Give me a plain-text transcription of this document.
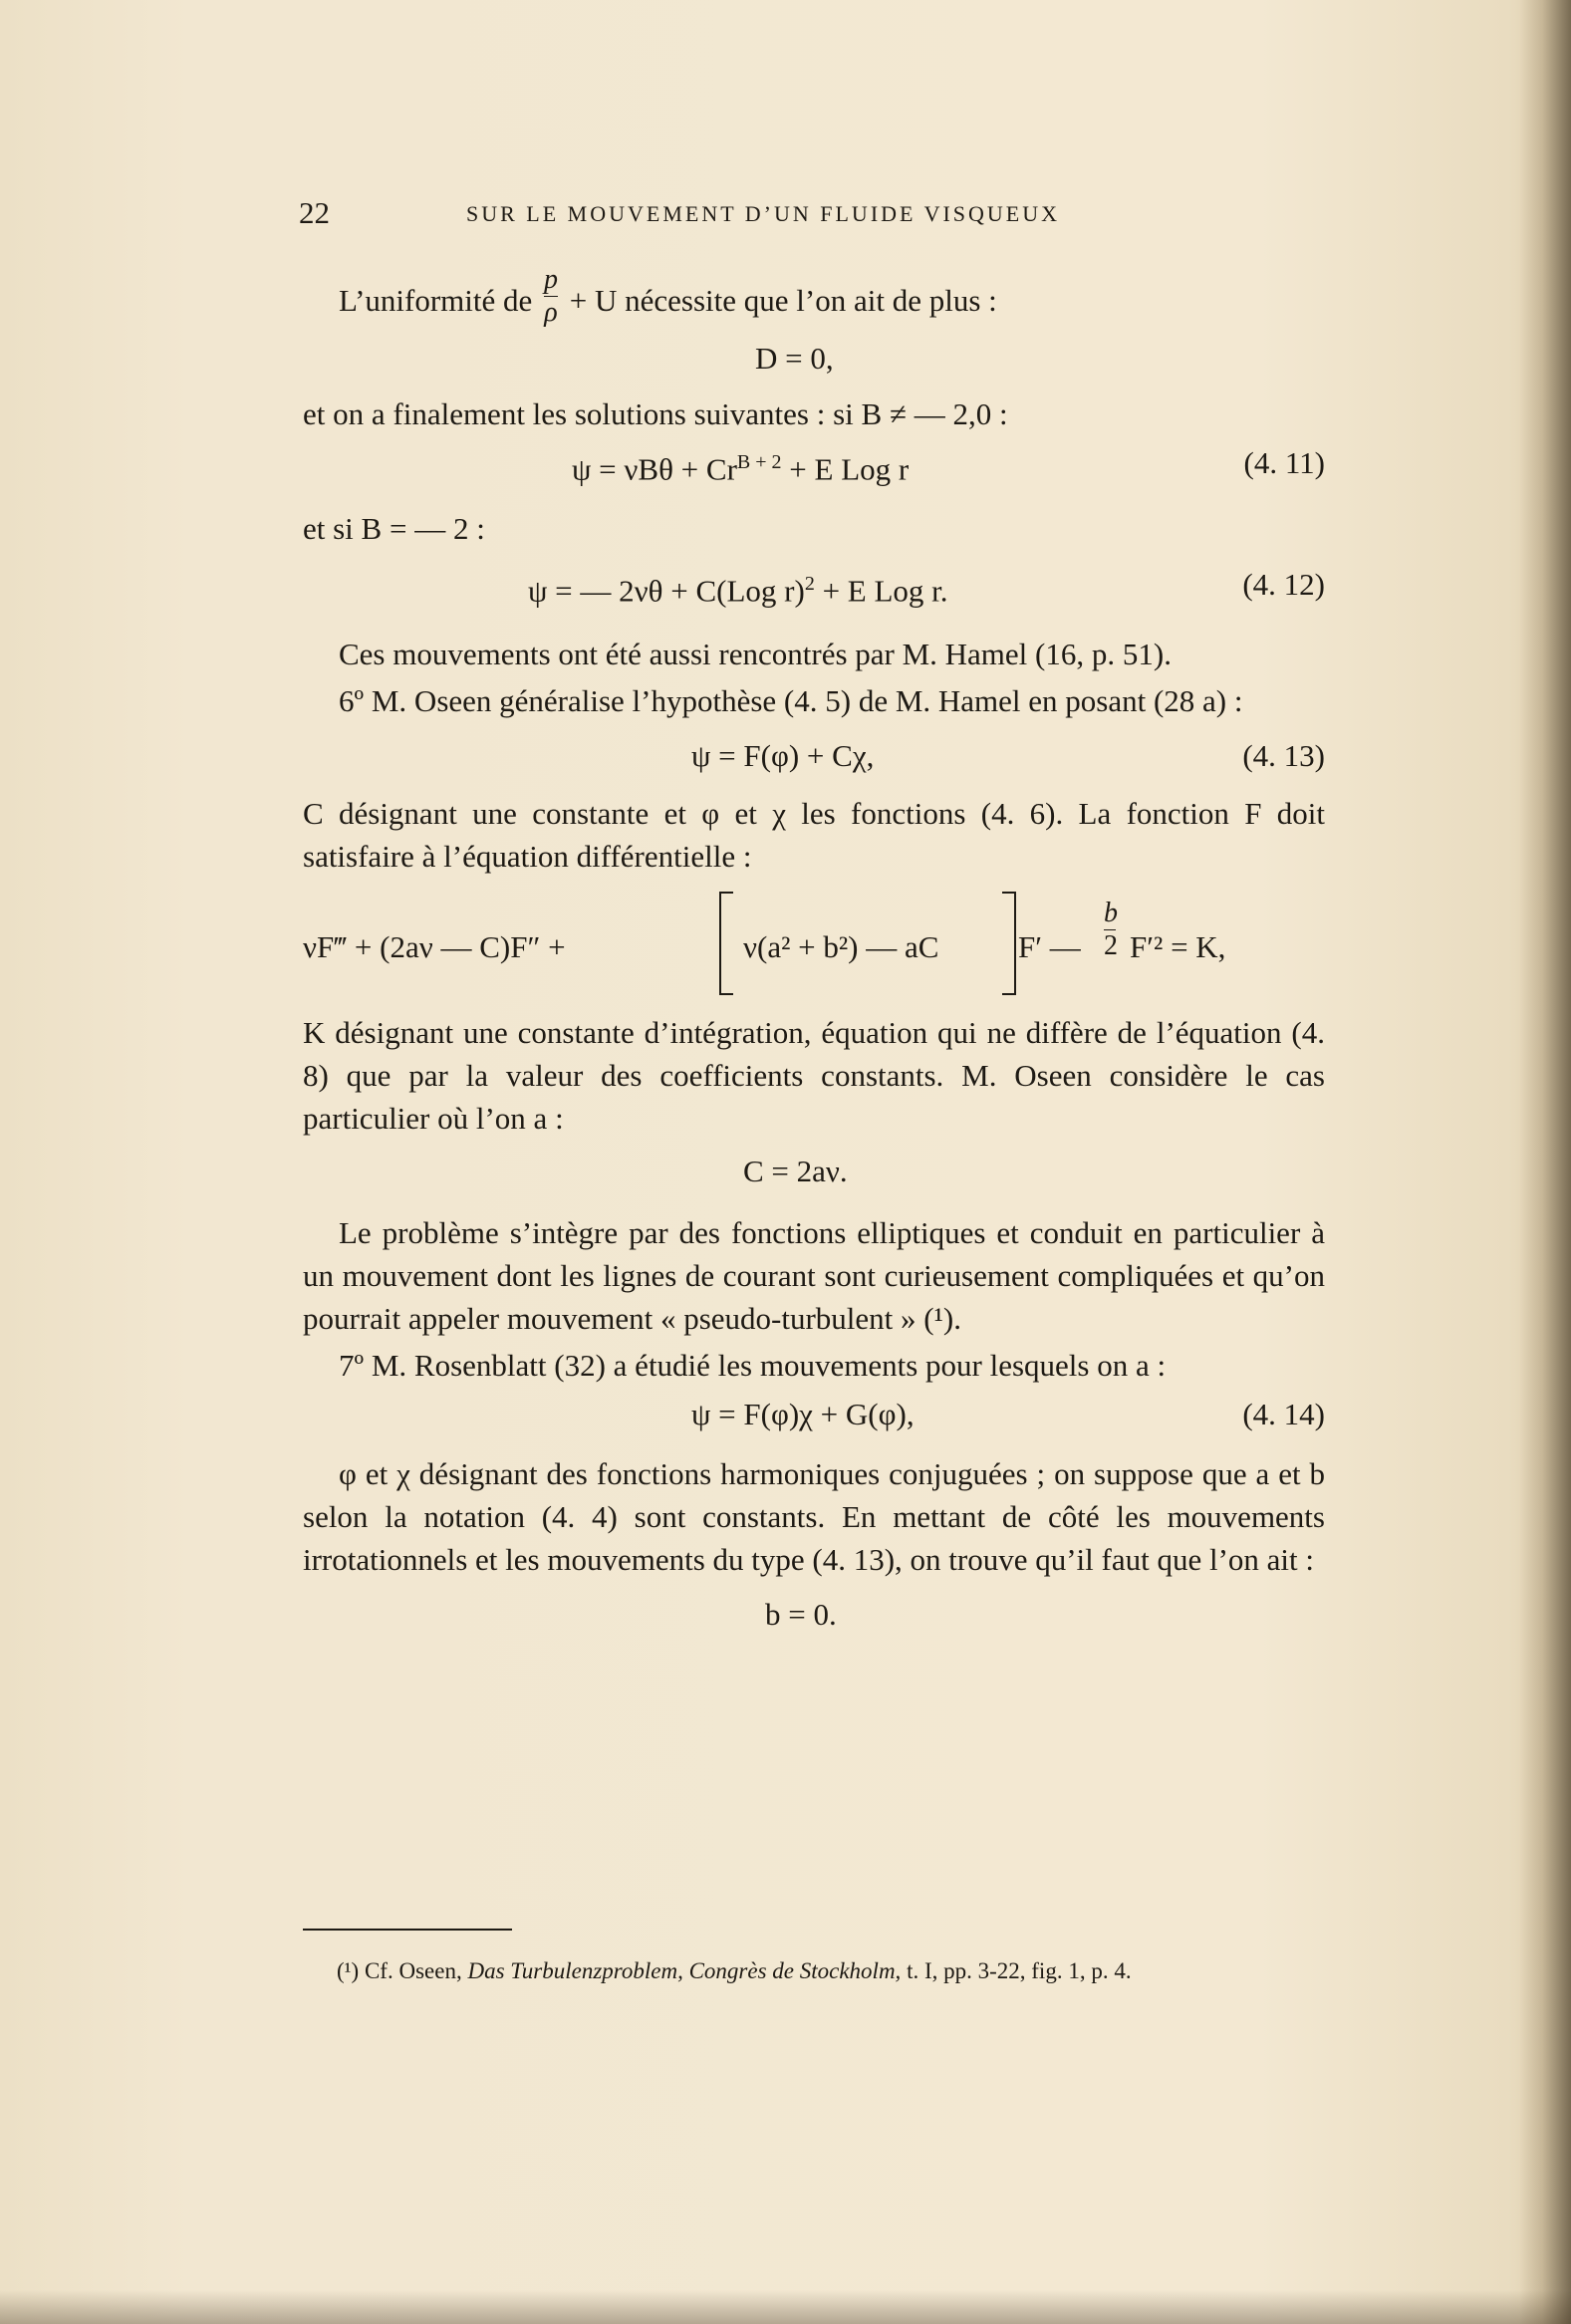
22	SUR LE MOUVEMENT D’UN FLUIDE VISQUEUX
L’uniformité de $\frac{p}{\rho} + U$ nécessite que l’on ait de plus :
D = 0,
et on a finalement les solutions suivantes : si B ≠ — 2,0 :
$\psi = \nu B\theta + Cr^{B + 2} + E$ Log r	(4. 11)
et si B = — 2 :
ψ = — 2νθ + C(Log r)$^2$ + E Log r.	(4. 12)

Ces mouvements ont été aussi rencontrés par M. Hamel (16, p. 51).

6º M. Oseen généralise l’hypothèse (4. 5) de M. Hamel en posant (28 a) :

ψ = F(φ) + Cχ,	(4. 13)

C désignant une constante et φ et χ les fonctions (4. 6). La fonction F doit satisfaire à l’équation différentielle :

νF‴ + (2aν — C)F″ +	ν(a² + b²) — aC	F′ —
b
2 F′² = K,

K désignant une constante d’intégration, équation qui ne diffère de l’équation (4. 8) que par la valeur des coefficients constants. M. Oseen considère le cas particulier où l’on a :

C = 2aν.

Le problème s’intègre par des fonctions elliptiques et conduit en particulier à un mouvement dont les lignes de courant sont curieusement compliquées et qu’on pourrait appeler mouvement « pseudo-turbulent » (¹).

7º M. Rosenblatt (32) a étudié les mouvements pour lesquels on a :

ψ = F(φ)χ + G(φ),	(4. 14)

φ et χ désignant des fonctions harmoniques conjuguées ; on suppose que a et b selon la notation (4. 4) sont constants. En mettant de côté les mouvements irrotationnels et les mouvements du type (4. 13), on trouve qu’il faut que l’on ait :

b = 0.
(¹) Cf. Oseen, Das Turbulenzproblem, Congrès de Stockholm, t. I, pp. 3-22, fig. 1, p. 4.
